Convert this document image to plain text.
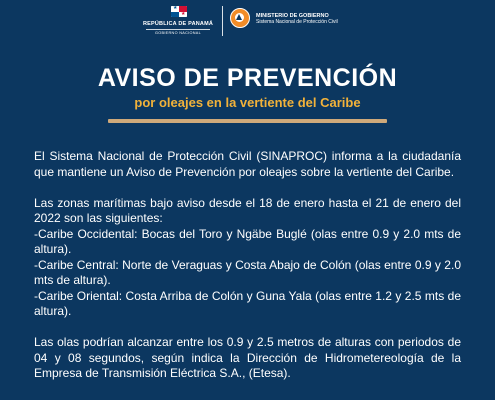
★
★
REPÚBLICA DE PANAMÁ
GOBIERNO NACIONAL
MINISTERIO DE GOBIERNO
Sistema Nacional de Protección Civil
AVISO DE PREVENCIÓN
por oleajes en la vertiente del Caribe

El Sistema Nacional de Protección Civil (SINAPROC) informa a la ciudadanía que mantiene un Aviso de Prevención por oleajes sobre la vertiente del Caribe.

Las zonas marítimas bajo aviso desde el 18 de enero hasta el 21 de enero del 2022 son las siguientes:

-Caribe Occidental: Bocas del Toro y Ngäbe Buglé (olas entre 0.9 y 2.0 mts de altura).

-Caribe Central: Norte de Veraguas y Costa Abajo de Colón (olas entre 0.9 y 2.0 mts de altura).

-Caribe Oriental: Costa Arriba de Colón y Guna Yala (olas entre 1.2 y 2.5 mts de altura).

Las olas podrían alcanzar entre los 0.9 y 2.5 metros de alturas con periodos de 04 y 08 segundos, según indica la Dirección de Hidrometereología de la Empresa de Transmisión Eléctrica S.A., (Etesa).
